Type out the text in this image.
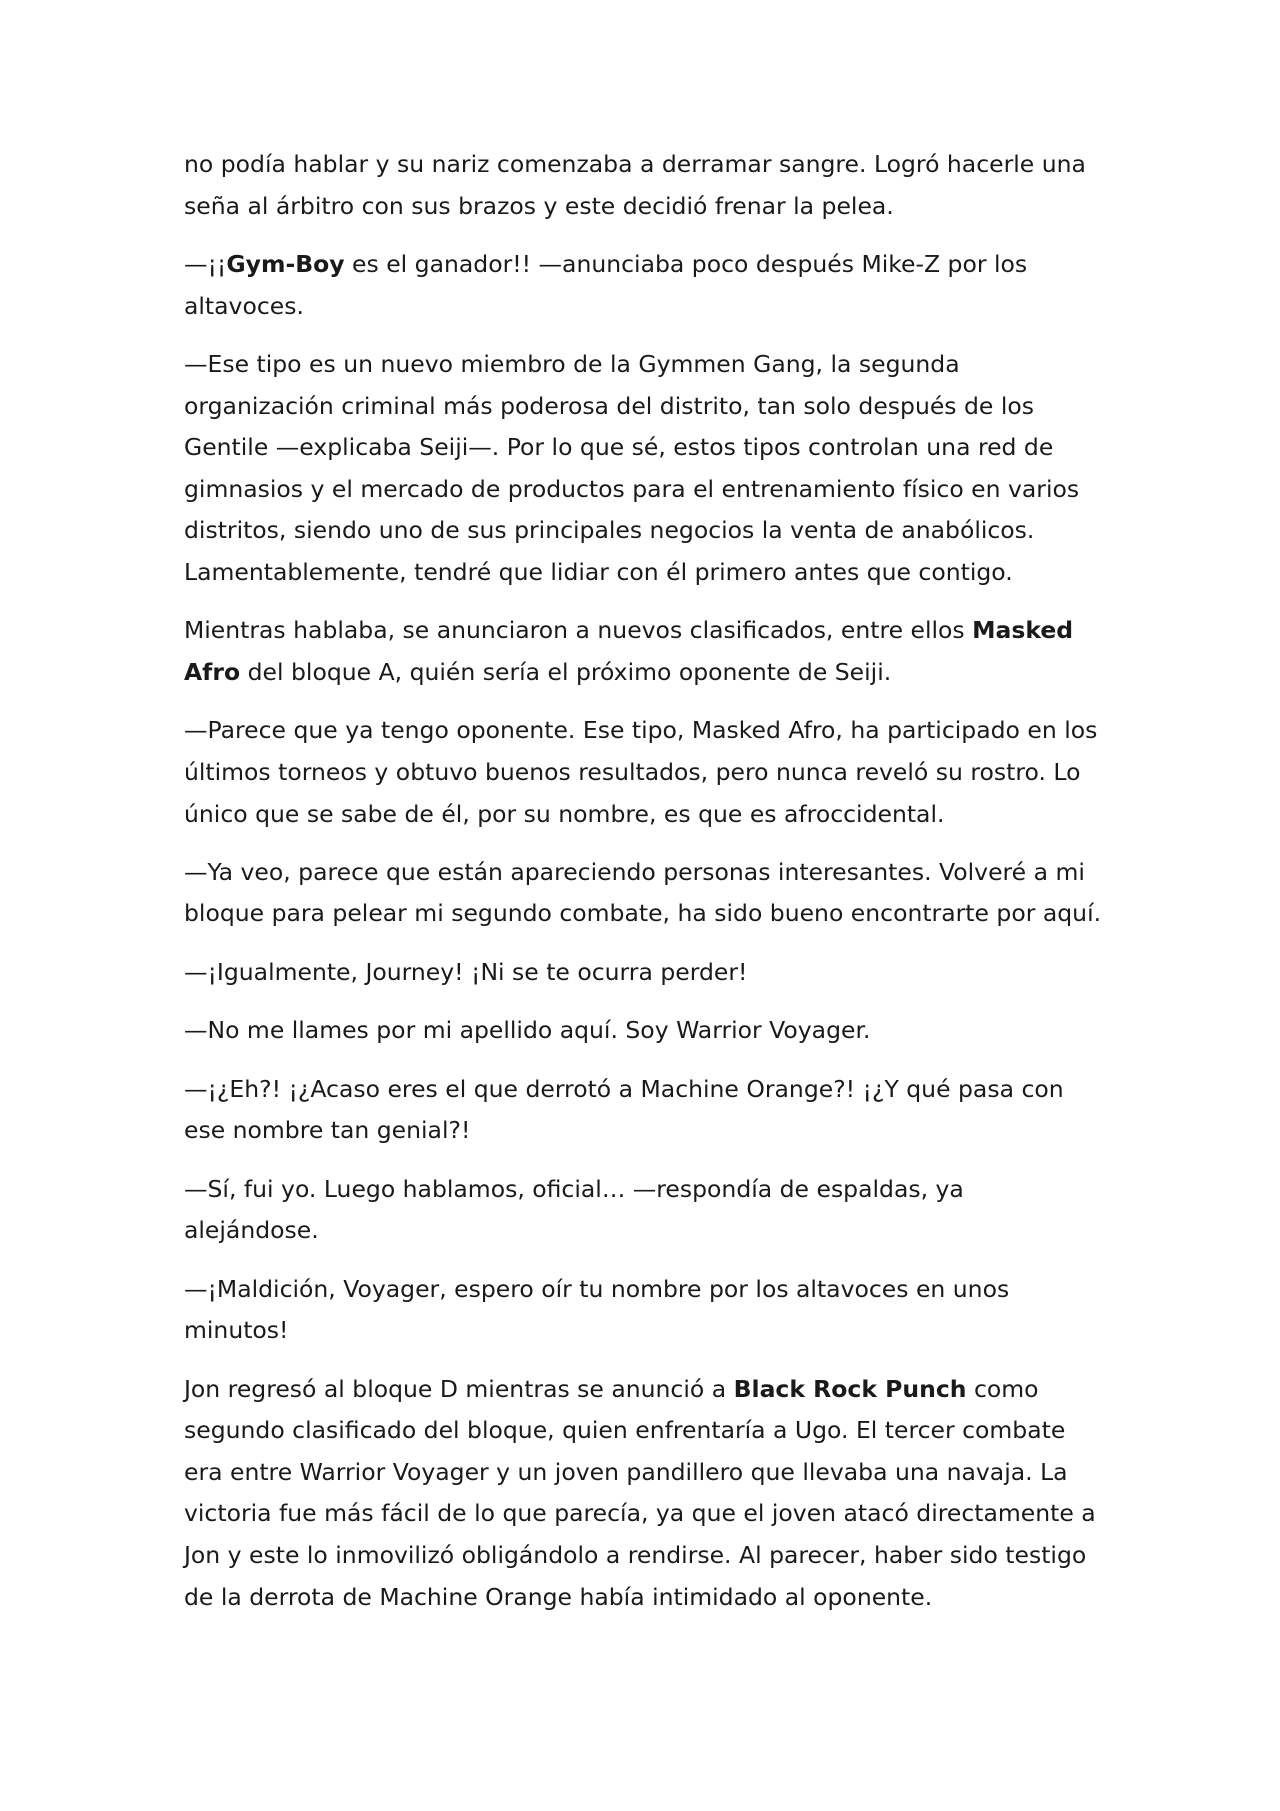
no podía hablar y su nariz comenzaba a derramar sangre. Logró hacerle una seña al árbitro con sus brazos y este decidió frenar la pelea.

—¡¡Gym-Boy es el ganador!! —anunciaba poco después Mike-Z por los altavoces.

—Ese tipo es un nuevo miembro de la Gymmen Gang, la segunda organización criminal más poderosa del distrito, tan solo después de los Gentile —explicaba Seiji—. Por lo que sé, estos tipos controlan una red de gimnasios y el mercado de productos para el entrenamiento físico en varios distritos, siendo uno de sus principales negocios la venta de anabólicos. Lamentablemente, tendré que lidiar con él primero antes que contigo.

Mientras hablaba, se anunciaron a nuevos clasificados, entre ellos Masked Afro del bloque A, quién sería el próximo oponente de Seiji.

—Parece que ya tengo oponente. Ese tipo, Masked Afro, ha participado en los últimos torneos y obtuvo buenos resultados, pero nunca reveló su rostro. Lo único que se sabe de él, por su nombre, es que es afroccidental.

—Ya veo, parece que están apareciendo personas interesantes. Volveré a mi bloque para pelear mi segundo combate, ha sido bueno encontrarte por aquí.

—¡Igualmente, Journey! ¡Ni se te ocurra perder!

—No me llames por mi apellido aquí. Soy Warrior Voyager.

—¡¿Eh?! ¡¿Acaso eres el que derrotó a Machine Orange?! ¡¿Y qué pasa con ese nombre tan genial?!

—Sí, fui yo. Luego hablamos, oficial… —respondía de espaldas, ya alejándose.

—¡Maldición, Voyager, espero oír tu nombre por los altavoces en unos minutos!

Jon regresó al bloque D mientras se anunció a Black Rock Punch como segundo clasificado del bloque, quien enfrentaría a Ugo. El tercer combate era entre Warrior Voyager y un joven pandillero que llevaba una navaja. La victoria fue más fácil de lo que parecía, ya que el joven atacó directamente a Jon y este lo inmovilizó obligándolo a rendirse. Al parecer, haber sido testigo de la derrota de Machine Orange había intimidado al oponente.
